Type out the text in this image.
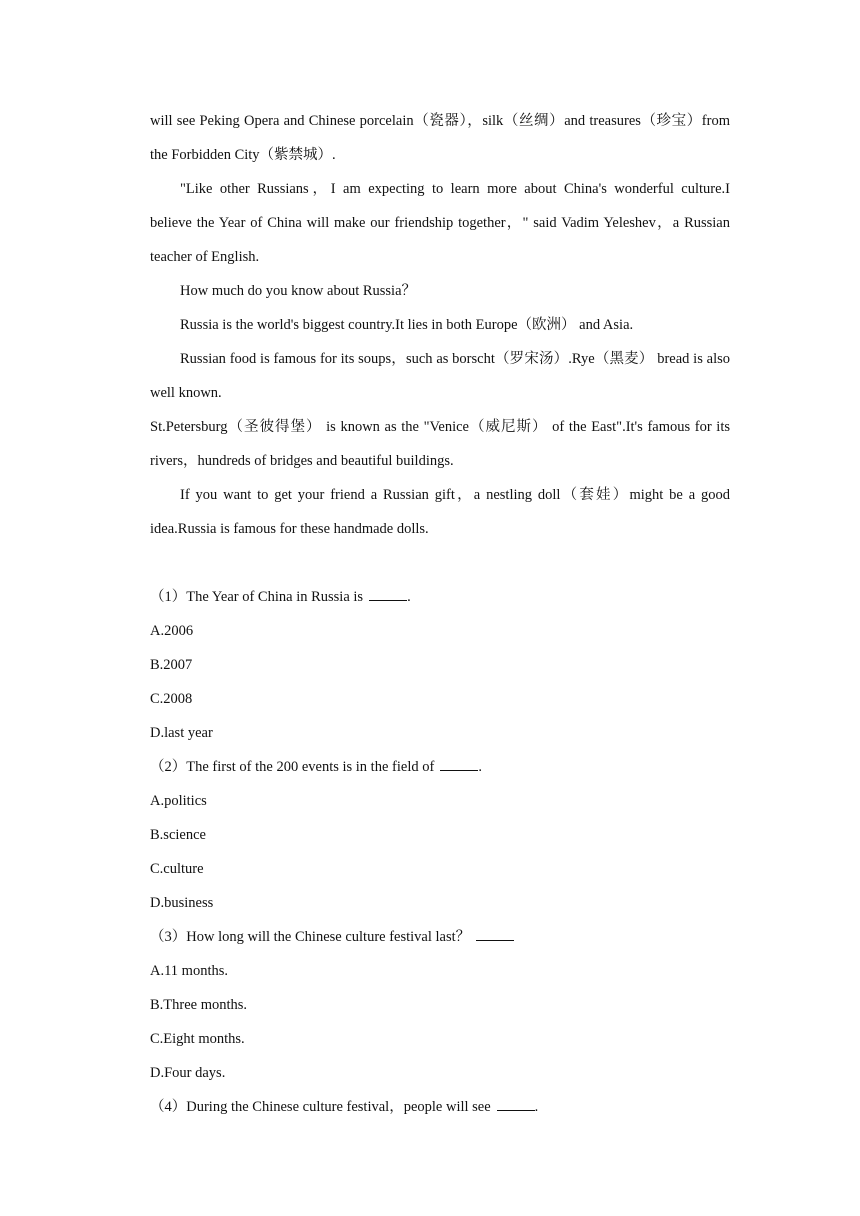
will see Peking Opera and Chinese porcelain（瓷器），silk（丝绸）and treasures（珍宝）from
the Forbidden City（紫禁城）.
"Like other Russians，I am expecting to learn more about China's wonderful culture.I
believe the Year of China will make our friendship together，" said Vadim Yeleshev，a Russian
teacher of English.
How much do you know about Russia？
Russia is the world's biggest country.It lies in both Europe（欧洲） and Asia.
Russian food is famous for its soups，such as borscht（罗宋汤）.Rye（黑麦） bread is also
well known.
St.Petersburg（圣彼得堡） is known as the "Venice（威尼斯） of the East".It's famous for its
rivers，hundreds of bridges and beautiful buildings.
If you want to get your friend a Russian gift，a nestling doll（套娃）might be a good
idea.Russia is famous for these handmade dolls.
（1）The Year of China in Russia is	.
A.2006
B.2007
C.2008
D.last year
（2）The first of the 200 events is in the field of	.
A.politics
B.science
C.culture
D.business
（3）How long will the Chinese culture festival last？
A.11 months.
B.Three months.
C.Eight months.
D.Four days.
（4）During the Chinese culture festival，people will see	.
